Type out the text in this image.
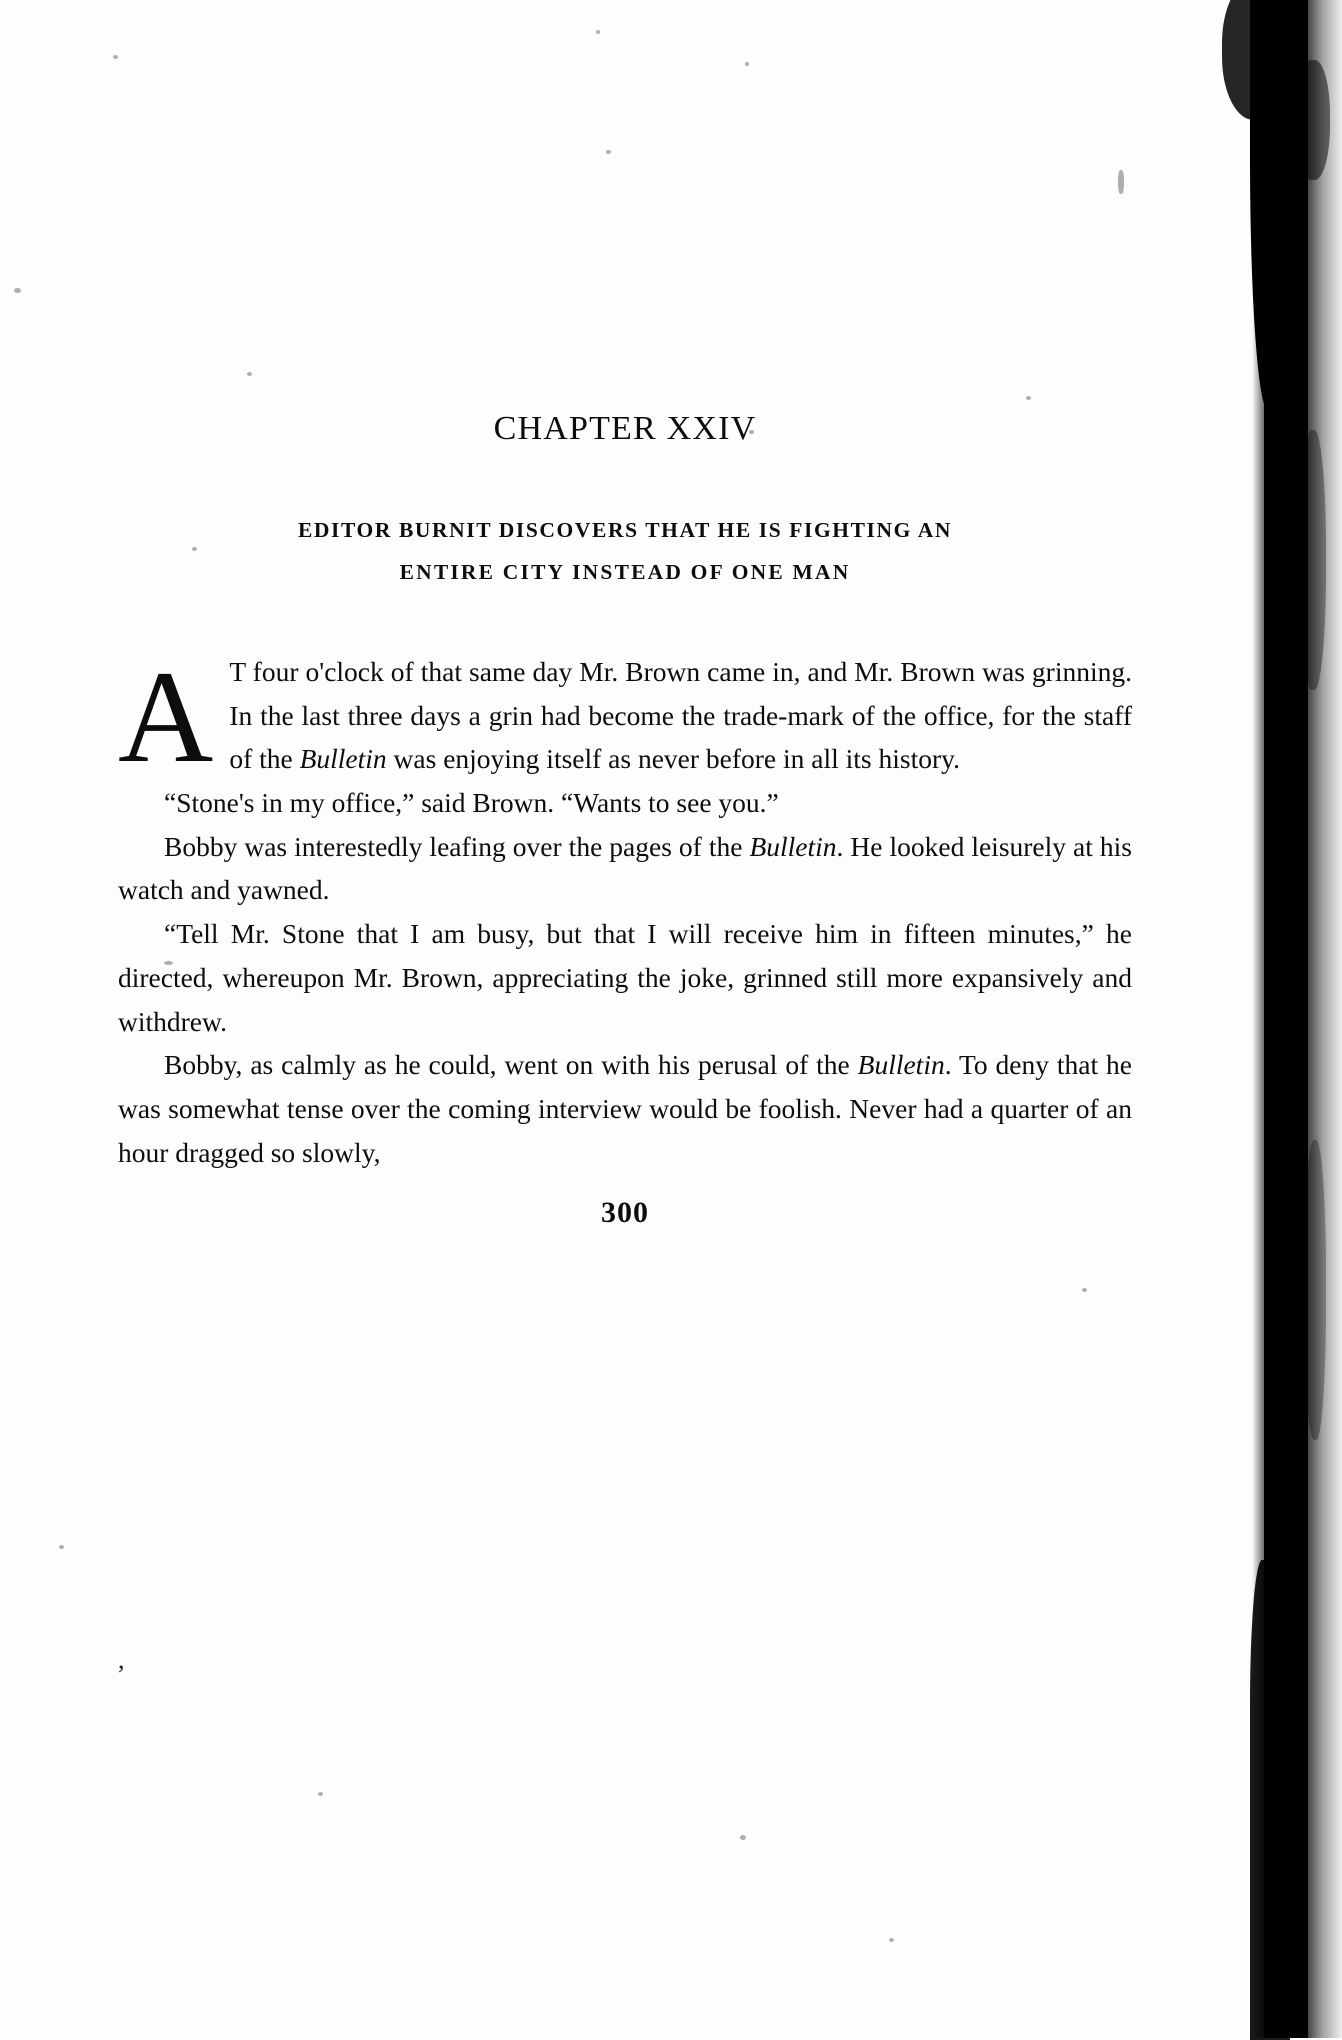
CHAPTER XXIV
EDITOR BURNIT DISCOVERS THAT HE IS FIGHTING AN
ENTIRE CITY INSTEAD OF ONE MAN

A T four o'clock of that same day Mr. Brown came in, and Mr. Brown was grinning. In the last three days a grin had become the trade-mark of the office, for the staff of the Bulletin was enjoying itself as never before in all its history.

“Stone's in my office,” said Brown. “Wants to see you.”

Bobby was interestedly leafing over the pages of the Bulletin. He looked leisurely at his watch and yawned.

“Tell Mr. Stone that I am busy, but that I will receive him in fifteen minutes,” he directed, whereupon Mr. Brown, appreciating the joke, grinned still more expansively and withdrew.

Bobby, as calmly as he could, went on with his perusal of the Bulletin. To deny that he was somewhat tense over the coming interview would be foolish. Never had a quarter of an hour dragged so slowly,

300
,
